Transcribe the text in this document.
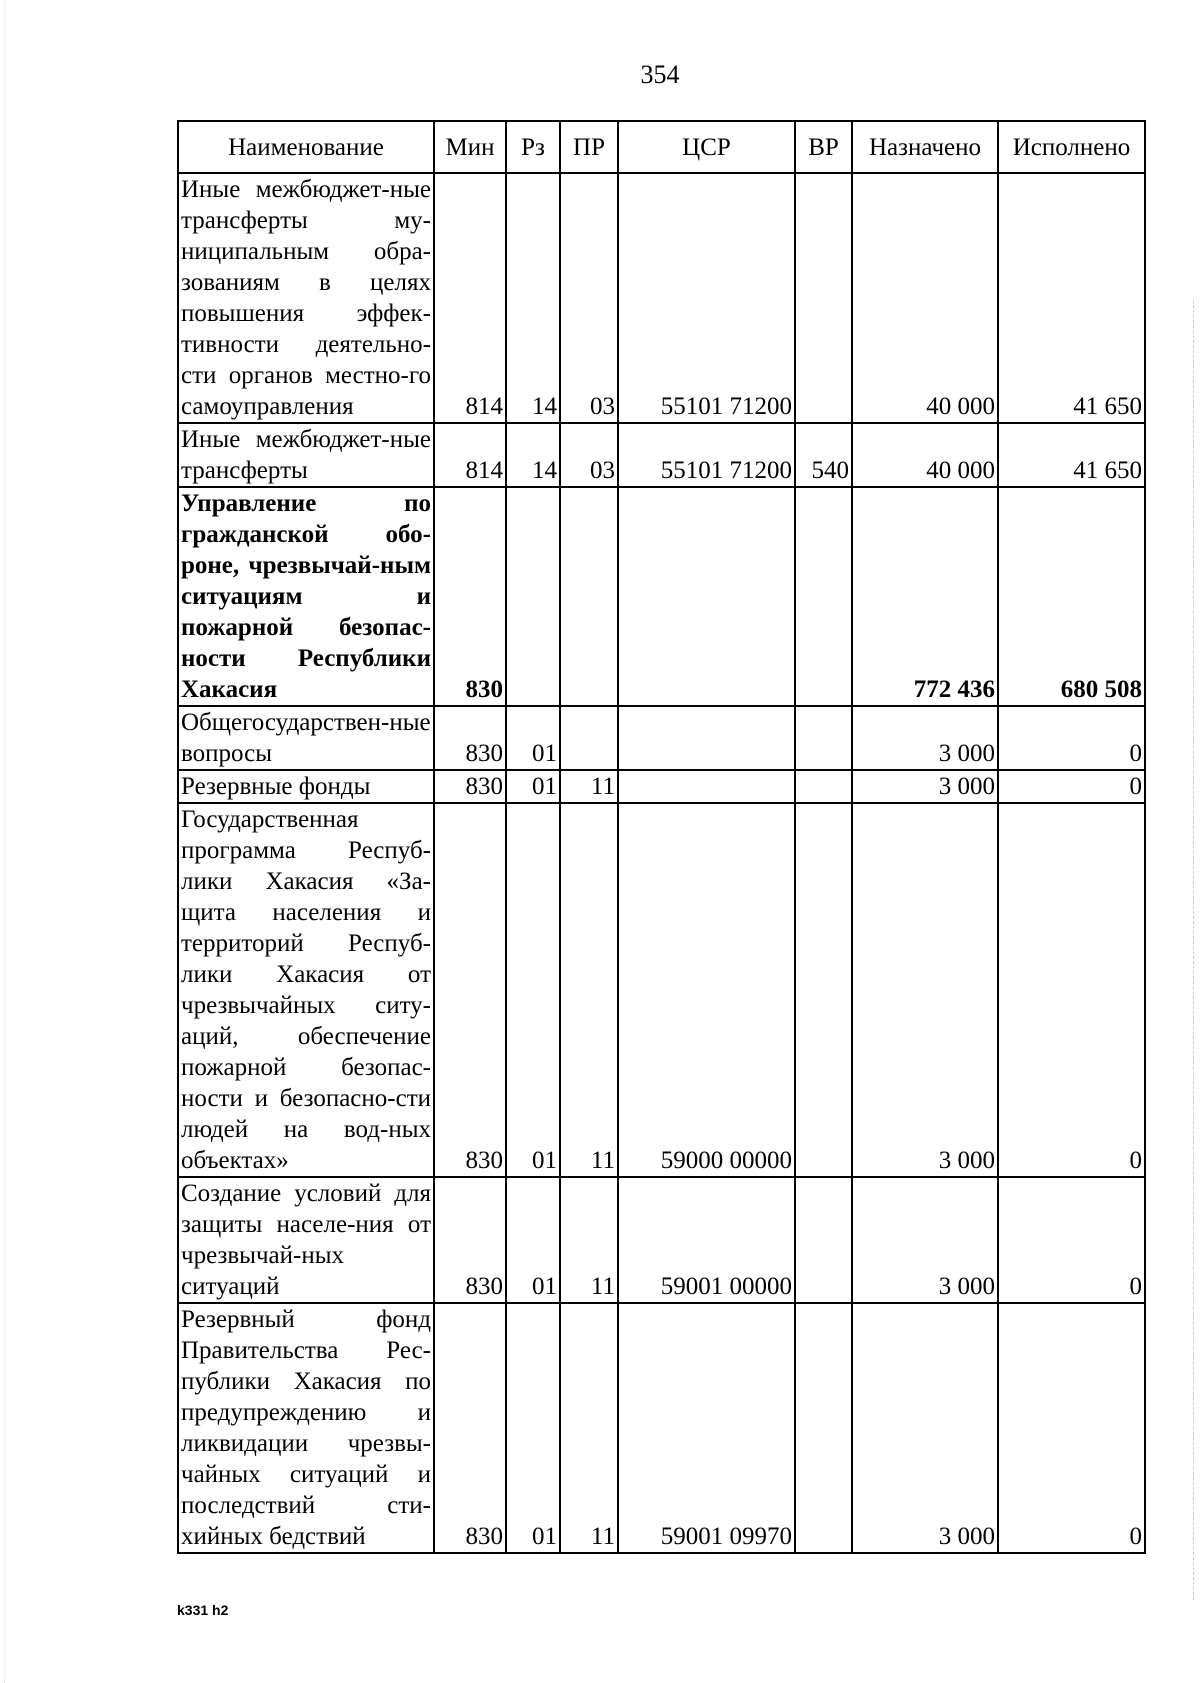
354
Наименование	Мин	Рз	ПР	ЦСР	ВР	Назначено	Исполнено
Иные межбюджет-ные трансферты му-ниципальным обра-зованиям в целях повышения эффек-тивности деятельно-сти органов местно-го самоуправления	814	14	03	55101 71200		40 000	41 650
Иные межбюджет-ные трансферты	814	14	03	55101 71200	540	40 000	41 650
Управление по гражданской обо-роне, чрезвычай-ным ситуациям и пожарной безопас-ности Республики Хакасия	830					772 436	680 508
Общегосударствен-ные вопросы	830	01				3 000	0
Резервные фонды	830	01	11			3 000	0
Государственная программа Респуб-лики Хакасия «За-щита населения и территорий Респуб-лики Хакасия от чрезвычайных ситу-аций, обеспечение пожарной безопас-ности и безопасно-сти людей на вод-ных объектах»	830	01	11	59000 00000		3 000	0
Создание условий для защиты населе-ния от чрезвычай-ных ситуаций	830	01	11	59001 00000		3 000	0
Резервный фонд Правительства Рес-публики Хакасия по предупреждению и ликвидации чрезвы-чайных ситуаций и последствий сти-хийных бедствий	830	01	11	59001 09970		3 000	0
k331 h2
